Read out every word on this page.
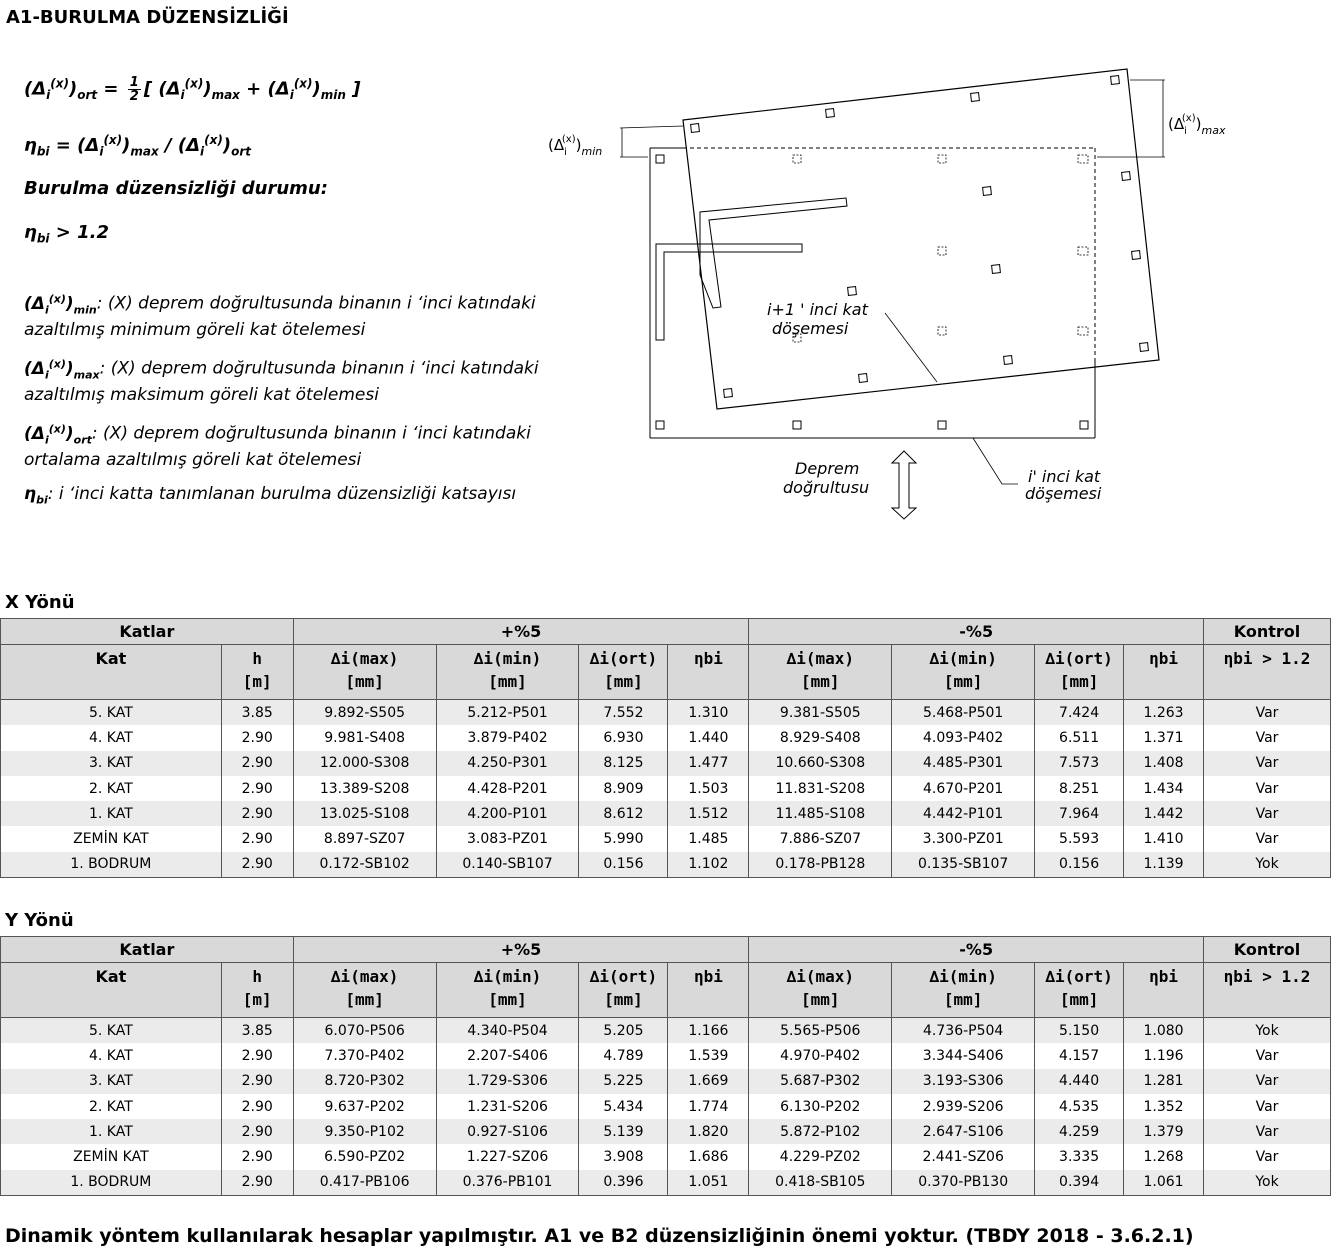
A1-BURULMA DÜZENSİZLİĞİ
$(\Delta_i^{(x)})_{ort} = \frac{1}{2}$ [ $(\Delta_i^{(x)})_{max} + (\Delta_i^{(x)})_{min}$ ]
$\eta_{bi} = (\Delta_i^{(x)})_{max} / (\Delta_i^{(x)})_{ort}$
Burulma düzensizliği durumu:
$\eta_{bi} > 1.2$
$(\Delta_i^{(x)})_{min}$: (X) deprem doğrultusunda binanın i ‘inci katındaki azaltılmış minimum göreli kat ötelemesi
$(\Delta_i^{(x)})_{max}$: (X) deprem doğrultusunda binanın i ‘inci katındaki azaltılmış maksimum göreli kat ötelemesi
$(\Delta_i^{(x)})_{ort}$: (X) deprem doğrultusunda binanın i ‘inci katındaki ortalama azaltılmış göreli kat ötelemesi
$\eta_{bi}$: i ‘inci katta tanımlanan burulma düzensizliği katsayısı
$(\Delta_i(x))_{min}$
$(\Delta_i(x))_{max}$
i+1 ' inci kat
döşemesi
i' inci kat
döşemesi
Deprem
doğrultusu
X Yönü
Katlar		+%5				-%5				Kontrol
Kat	h	∆i(max)	∆i(min)	∆i(ort)	ηbi	∆i(max)	∆i(min)	∆i(ort)	ηbi	ηbi > 1.2
	[m]	[mm]	[mm]	[mm]		[mm]	[mm]	[mm]		
5. KAT	3.85	9.892-S505	5.212-P501	7.552	1.310	9.381-S505	5.468-P501	7.424	1.263	Var
4. KAT	2.90	9.981-S408	3.879-P402	6.930	1.440	8.929-S408	4.093-P402	6.511	1.371	Var
3. KAT	2.90	12.000-S308	4.250-P301	8.125	1.477	10.660-S308	4.485-P301	7.573	1.408	Var
2. KAT	2.90	13.389-S208	4.428-P201	8.909	1.503	11.831-S208	4.670-P201	8.251	1.434	Var
1. KAT	2.90	13.025-S108	4.200-P101	8.612	1.512	11.485-S108	4.442-P101	7.964	1.442	Var
ZEMİN KAT	2.90	8.897-SZ07	3.083-PZ01	5.990	1.485	7.886-SZ07	3.300-PZ01	5.593	1.410	Var
1. BODRUM	2.90	0.172-SB102	0.140-SB107	0.156	1.102	0.178-PB128	0.135-SB107	0.156	1.139	Yok
Y Yönü
Katlar		+%5				-%5				Kontrol
Kat	h	∆i(max)	∆i(min)	∆i(ort)	ηbi	∆i(max)	∆i(min)	∆i(ort)	ηbi	ηbi > 1.2
	[m]	[mm]	[mm]	[mm]		[mm]	[mm]	[mm]		
5. KAT	3.85	6.070-P506	4.340-P504	5.205	1.166	5.565-P506	4.736-P504	5.150	1.080	Yok
4. KAT	2.90	7.370-P402	2.207-S406	4.789	1.539	4.970-P402	3.344-S406	4.157	1.196	Var
3. KAT	2.90	8.720-P302	1.729-S306	5.225	1.669	5.687-P302	3.193-S306	4.440	1.281	Var
2. KAT	2.90	9.637-P202	1.231-S206	5.434	1.774	6.130-P202	2.939-S206	4.535	1.352	Var
1. KAT	2.90	9.350-P102	0.927-S106	5.139	1.820	5.872-P102	2.647-S106	4.259	1.379	Var
ZEMİN KAT	2.90	6.590-PZ02	1.227-SZ06	3.908	1.686	4.229-PZ02	2.441-SZ06	3.335	1.268	Var
1. BODRUM	2.90	0.417-PB106	0.376-PB101	0.396	1.051	0.418-SB105	0.370-PB130	0.394	1.061	Yok
Dinamik yöntem kullanılarak hesaplar yapılmıştır. A1 ve B2 düzensizliğinin önemi yoktur. (TBDY 2018 - 3.6.2.1)
